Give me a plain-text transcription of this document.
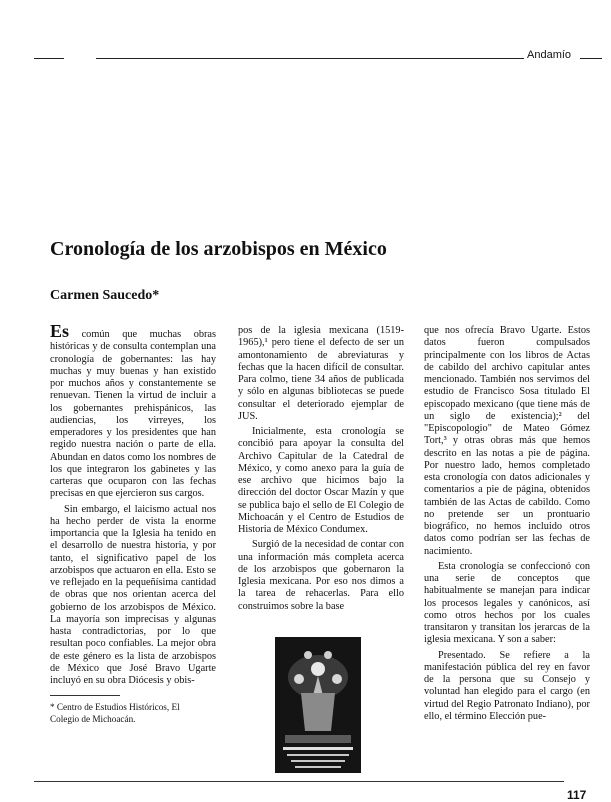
Andamío
Cronología de los arzobispos en México
Carmen Saucedo*

Es común que muchas obras históricas y de consulta contemplan una cronología de gobernantes: las hay muchas y muy buenas y han existido por muchos años y constantemente se renuevan. Tienen la virtud de incluir a los gobernantes prehispánicos, las audiencias, los virreyes, los emperadores y los presidentes que han regido nuestra nación o parte de ella. Abundan en datos como los nombres de los que integraron los gabinetes y las carteras que ocuparon con las fechas precisas en que ejercieron sus cargos.

Sin embargo, el laicismo actual nos ha hecho perder de vista la enorme importancia que la Iglesia ha tenido en el desarrollo de nuestra historia, y por tanto, el significativo papel de los arzobispos que actuaron en ella. Esto se ve reflejado en la pequeñísima cantidad de obras que nos orientan acerca del gobierno de los arzobispos de México. La mayoría son imprecisas y algunas hasta contradictorias, por lo que resultan poco confiables. La mejor obra de este género es la lista de arzobispos de México que José Bravo Ugarte incluyó en su obra Diócesis y obis-

pos de la iglesia mexicana (1519-1965),¹ pero tiene el defecto de ser un amontonamiento de abreviaturas y fechas que la hacen difícil de consultar. Para colmo, tiene 34 años de publicada y sólo en algunas bibliotecas se puede consultar el deteriorado ejemplar de JUS.

Inicialmente, esta cronología se concibió para apoyar la consulta del Archivo Capitular de la Catedral de México, y como anexo para la guía de ese archivo que hicimos bajo la dirección del doctor Oscar Mazín y que se publica bajo el sello de El Colegio de Michoacán y el Centro de Estudios de Historia de México Condumex.

Surgió de la necesidad de contar con una información más completa acerca de los arzobispos que gobernaron la Iglesia mexicana. Por eso nos dimos a la tarea de rehacerlas. Para ello construimos sobre la base

que nos ofrecía Bravo Ugarte. Estos datos fueron compulsados principalmente con los libros de Actas de cabildo del archivo capitular antes mencionado. También nos servimos del estudio de Francisco Sosa titulado El episcopado mexicano (que tiene más de un siglo de existencia);² del "Episcopologio" de Mateo Gómez Tort,³ y otras obras más que hemos descrito en las notas a pie de página. Por nuestro lado, hemos completado esta cronología con datos adicionales y comentarios a pie de página, obtenidos también de las Actas de cabildo. Como no pretende ser un prontuario biográfico, no hemos incluido otros datos como podrían ser las fechas de nacimiento.

Esta cronología se confeccionó con una serie de conceptos que habitualmente se manejan para indicar los procesos legales y canónicos, así como otros hechos por los cuales transitaron y transitan los jerarcas de la iglesia mexicana. Y son a saber:

Presentado. Se refiere a la manifestación pública del rey en favor de la persona que su Consejo y voluntad han elegido para el cargo (en virtud del Regio Patronato Indiano), por ello, el término Elección pue-

* Centro de Estudios Históricos, El Colegio de Michoacán.
117
